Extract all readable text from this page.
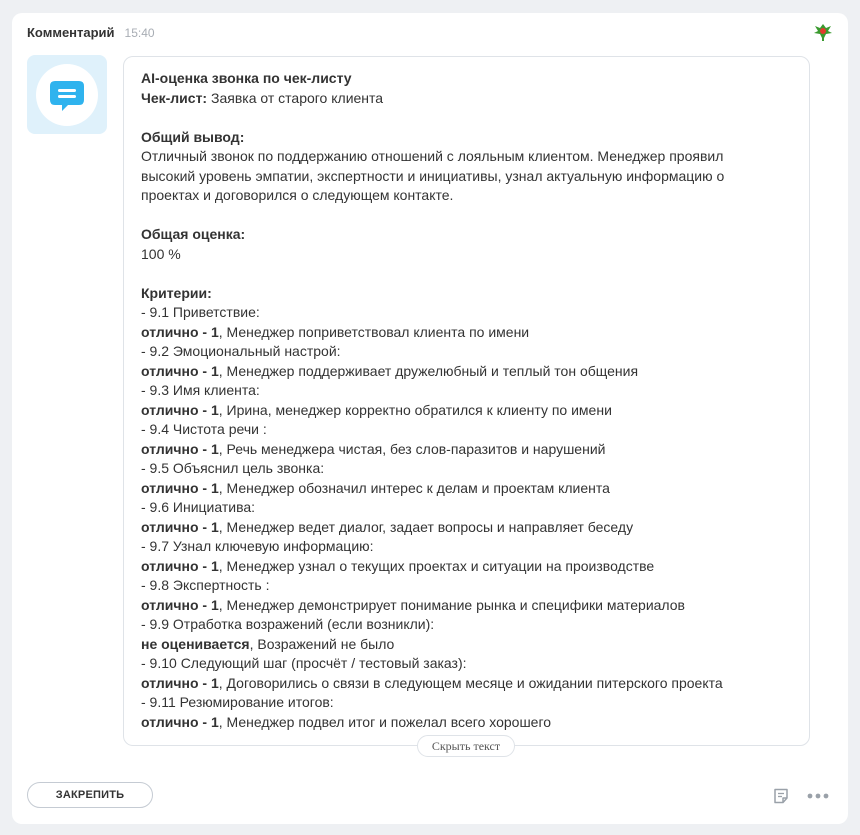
Комментарий 15:40
AI-оценка звонка по чек-листу
Чек-лист: Заявка от старого клиента
Общий вывод:
Отличный звонок по поддержанию отношений с лояльным клиентом. Менеджер проявил
высокий уровень эмпатии, экспертности и инициативы, узнал актуальную информацию о
проектах и договорился о следующем контакте.
Общая оценка:
100 %
Критерии:
- 9.1 Приветствие:
отлично - 1, Менеджер поприветствовал клиента по имени
- 9.2 Эмоциональный настрой:
отлично - 1, Менеджер поддерживает дружелюбный и теплый тон общения
- 9.3 Имя клиента:
отлично - 1, Ирина, менеджер корректно обратился к клиенту по имени
- 9.4 Чистота речи :
отлично - 1, Речь менеджера чистая, без слов-паразитов и нарушений
- 9.5 Объяснил цель звонка:
отлично - 1, Менеджер обозначил интерес к делам и проектам клиента
- 9.6 Инициатива:
отлично - 1, Менеджер ведет диалог, задает вопросы и направляет беседу
- 9.7 Узнал ключевую информацию:
отлично - 1, Менеджер узнал о текущих проектах и ситуации на производстве
- 9.8 Экспертность :
отлично - 1, Менеджер демонстрирует понимание рынка и специфики материалов
- 9.9 Отработка возражений (если возникли):
не оценивается, Возражений не было
- 9.10 Следующий шаг (просчёт / тестовый заказ):
отлично - 1, Договорились о связи в следующем месяце и ожидании питерского проекта
- 9.11 Резюмирование итогов:
отлично - 1, Менеджер подвел итог и пожелал всего хорошего
Скрыть текст
ЗАКРЕПИТЬ
